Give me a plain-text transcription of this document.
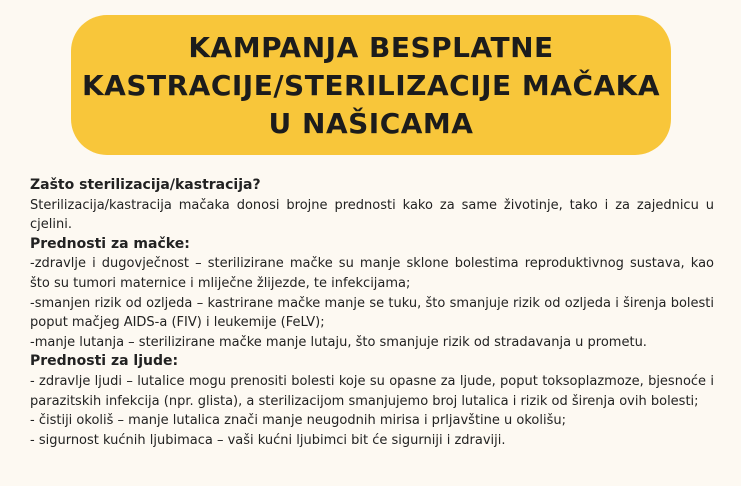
KAMPANJA BESPLATNE
KASTRACIJE/STERILIZACIJE MAČAKA
U NAŠICAMA

Zašto sterilizacija/kastracija?

Sterilizacija/kastracija mačaka donosi brojne prednosti kako za same životinje, tako i za zajednicu u cjelini.

Prednosti za mačke:

-zdravlje i dugovječnost – sterilizirane mačke su manje sklone bolestima reproduktivnog sustava, kao što su tumori maternice i mliječne žlijezde, te infekcijama;

-smanjen rizik od ozljeda – kastrirane mačke manje se tuku, što smanjuje rizik od ozljeda i širenja bolesti poput mačjeg AIDS-a (FIV) i leukemije (FeLV);

-manje lutanja – sterilizirane mačke manje lutaju, što smanjuje rizik od stradavanja u prometu.

Prednosti za ljude:

- zdravlje ljudi – lutalice mogu prenositi bolesti koje su opasne za ljude, poput toksoplazmoze, bjesnoće i parazitskih infekcija (npr. glista), a sterilizacijom smanjujemo broj lutalica i rizik od širenja ovih bolesti;

- čistiji okoliš – manje lutalica znači manje neugodnih mirisa i prljavštine u okolišu;

- sigurnost kućnih ljubimaca – vaši kućni ljubimci bit će sigurniji i zdraviji.
